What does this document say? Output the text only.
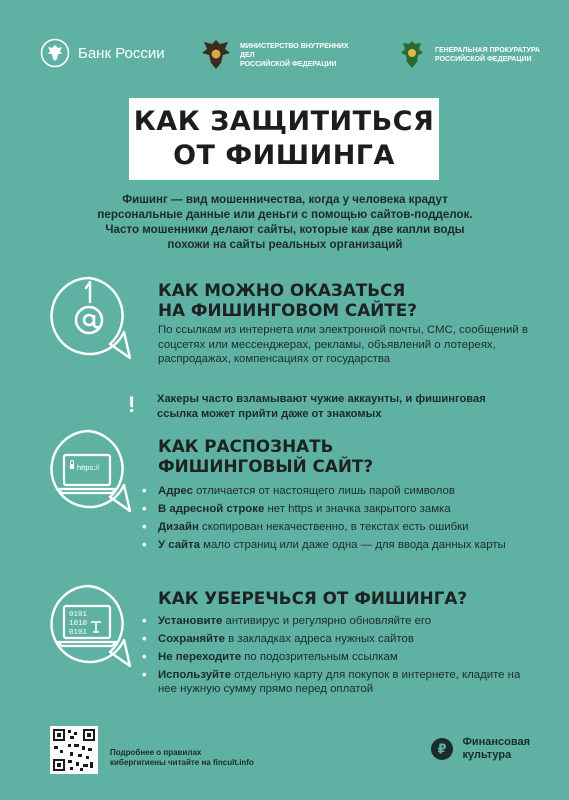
Банк России	МИНИСТЕРСТВО ВНУТРЕННИХ ДЕЛ
РОССИЙСКОЙ ФЕДЕРАЦИИ
ГЕНЕРАЛЬНАЯ ПРОКУРАТУРА
РОССИЙСКОЙ ФЕДЕРАЦИИ
КАК ЗАЩИТИТЬСЯ
ОТ ФИШИНГА

Фишинг — вид мошенничества, когда у человека крадут

персональные данные или деньги с помощью сайтов-подделок.

Часто мошенники делают сайты, которые как две капли воды

похожи на сайты реальных организаций

КАК МОЖНО ОКАЗАТЬСЯ
НА ФИШИНГОВОМ САЙТЕ?
По ссылкам из интернета или электронной почты, СМС, сообщений в соцсетях или мессенджерах, рекламы, объявлений о лотереях, распродажах, компенсациях от государства
!	Хакеры часто взламывают чужие аккаунты, и фишинговая ссылка может прийти даже от знакомых
https://
КАК РАСПОЗНАТЬ
ФИШИНГОВЫЙ САЙТ?
• Адрес отличается от настоящего лишь парой символов
• В адресной строке нет https и значка закрытого замка
• Дизайн скопирован некачественно, в текстах есть ошибки
• У сайта мало страниц или даже одна — для ввода данных карты
0101
1010
0101
КАК УБЕРЕЧЬСЯ ОТ ФИШИНГА?
• Установите антивирус и регулярно обновляйте его
• Сохраняйте в закладках адреса нужных сайтов
• Не переходите по подозрительным ссылкам
• Используйте отдельную карту для покупок в интернете, кладите на нее нужную сумму прямо перед оплатой
Подробнее о правилах
кибергигиены читайте на fincult.info
₽
Финансовая
культура
